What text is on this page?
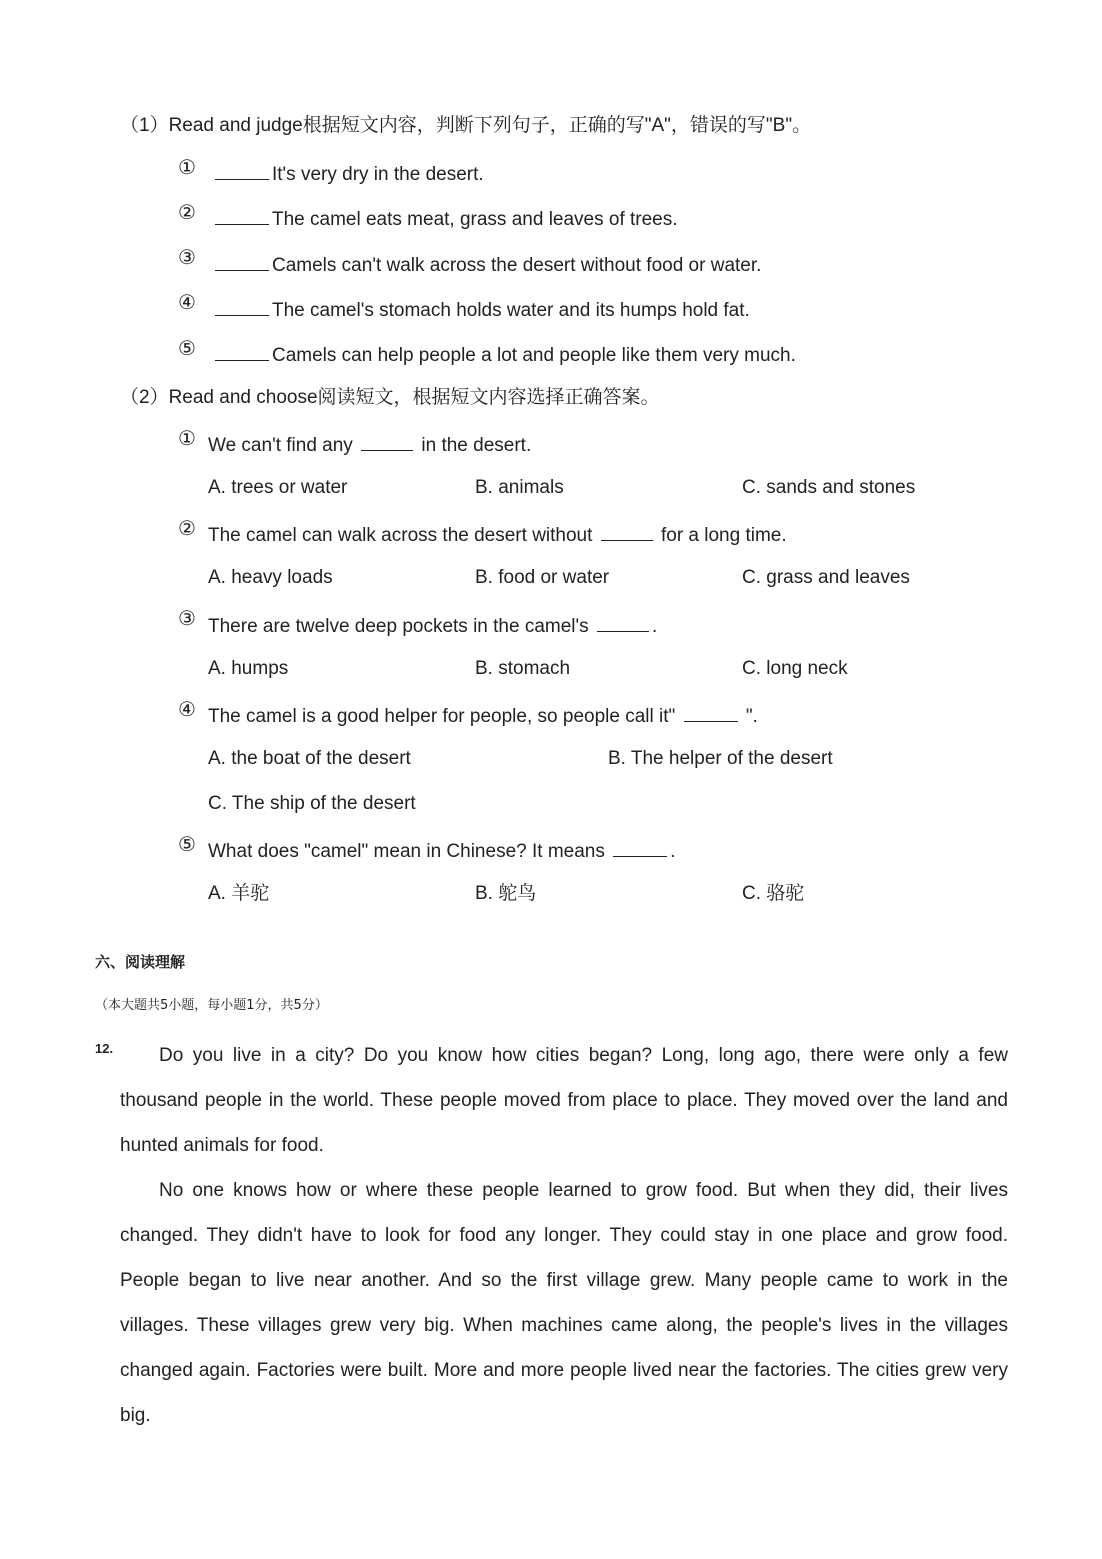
（1）Read and judge根据短文内容，判断下列句子，正确的写"A"，错误的写"B"。
①	It's very dry in the desert.
②	The camel eats meat, grass and leaves of trees.
③	Camels can't walk across the desert without food or water.
④	The camel's stomach holds water and its humps hold fat.
⑤	Camels can help people a lot and people like them very much.
（2）Read and choose阅读短文，根据短文内容选择正确答案。
① We can't find any	in the desert.
A. trees or water	B. animals	C. sands and stones
② The camel can walk across the desert without	for a long time.
A. heavy loads	B. food or water	C. grass and leaves
③ There are twelve deep pockets in the camel's	.
A. humps	B. stomach	C. long neck
④ The camel is a good helper for people, so people call it"	".
A. the boat of the desert	B. The helper of the desert
C. The ship of the desert
⑤ What does "camel" mean in Chinese? It means	.
A. 羊驼	B. 鸵鸟	C. 骆驼
六、阅读理解
（本大题共5小题，每小题1分，共5分）
12.	Do you live in a city? Do you know how cities began? Long, long ago, there were only a few thousand people in the world. These people moved from place to place. They moved over the land and hunted animals for food.
No one knows how or where these people learned to grow food. But when they did, their lives changed. They didn't have to look for food any longer. They could stay in one place and grow food. People began to live near another. And so the first village grew. Many people came to work in the villages. These villages grew very big. When machines came along, the people's lives in the villages changed again. Factories were built. More and more people lived near the factories. The cities grew very big.
